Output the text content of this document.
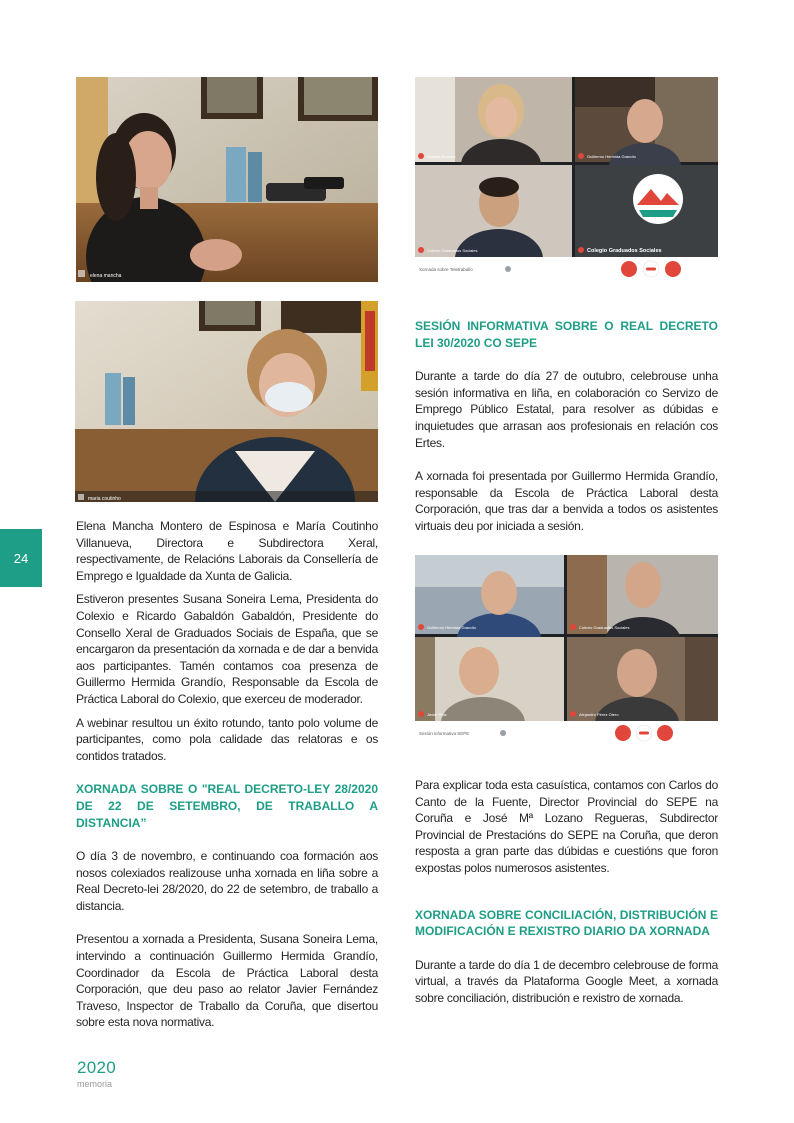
elena mancha
maria coutinho
Susana Soneira	Guillermo Hermida Grandío
Colexio Graduados Sociales	Colegio Graduados Sociales
Xornada sobre Teletraballo
Guillermo Hermida Grandío	Colexio Graduados Sociales
Javier Ruiz	Alejandro Pérez Otero
Sesión informativa SEPE

Elena Mancha Montero de Espinosa e María Coutinho Villanueva, Directora e Subdirectora Xeral, respectivamente, de Relacións Laborais da Consellería de Emprego e Igualdade da Xunta de Galicia.

Estiveron presentes Susana Soneira Lema, Presidenta do Colexio e Ricardo Gabaldón Gabaldón, Presidente do Consello Xeral de Graduados Sociais de España, que se encargaron da presentación da xornada e de dar a benvida aos participantes. Tamén contamos coa presenza de Guillermo Hermida Grandío, Responsable da Escola de Práctica Laboral do Colexio, que exerceu de moderador.

A webinar resultou un éxito rotundo, tanto polo volume de participantes, como pola calidade das relatoras e os contidos tratados.

XORNADA SOBRE O "REAL DECRETO-LEY 28/2020 DE 22 DE SETEMBRO, DE TRABALLO A DISTANCIA”

O día 3 de novembro, e continuando coa formación aos nosos colexiados realizouse unha xornada en liña sobre a Real Decreto-lei 28/2020, do 22 de setembro, de traballo a distancia.

Presentou a xornada a Presidenta, Susana Soneira Lema, intervindo a continuación Guillermo Hermida Grandío, Coordinador da Escola de Práctica Laboral desta Corporación, que deu paso ao relator Javier Fernández Traveso, Inspector de Traballo da Coruña, que disertou sobre esta nova normativa.

SESIÓN INFORMATIVA SOBRE O REAL DECRETO LEI 30/2020 CO SEPE

Durante a tarde do día 27 de outubro, celebrouse unha sesión informativa en liña, en colaboración co Servizo de Emprego Público Estatal, para resolver as dúbidas e inquietudes que arrasan aos profesionais en relación cos Ertes.

A xornada foi presentada por Guillermo Hermida Grandío, responsable da Escola de Práctica Laboral desta Corporación, que tras dar a benvida a todos os asistentes virtuais deu por iniciada a sesión.

Para explicar toda esta casuística, contamos con Carlos do Canto de la Fuente, Director Provincial do SEPE na Coruña e José Mª Lozano Regueras, Subdirector Provincial de Prestacións do SEPE na Coruña, que deron resposta a gran parte das dúbidas e cuestións que foron expostas polos numerosos asistentes.

XORNADA SOBRE CONCILIACIÓN, DISTRIBUCIÓN E MODIFICACIÓN E REXISTRO DIARIO DA XORNADA

Durante a tarde do día 1 de decembro celebrouse de forma virtual, a través da Plataforma Google Meet, a xornada sobre conciliación, distribución e rexistro de xornada.

24
2020
memoria
